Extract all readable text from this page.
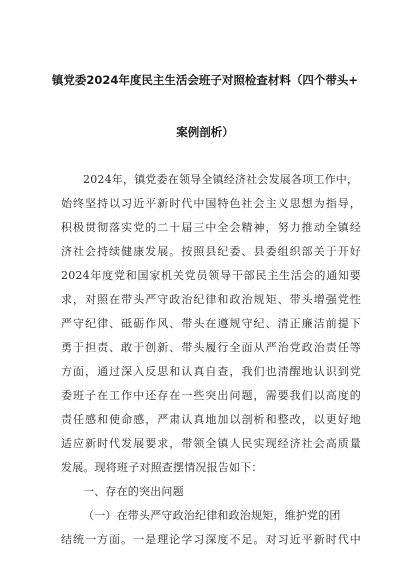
镇党委2024年度民主生活会班子对照检查材料（四个带头+
案例剖析）
2024年，镇党委在领导全镇经济社会发展各项工作中，
始终坚持以习近平新时代中国特色社会主义思想为指导，
积极贯彻落实党的二十届三中全会精神，努力推动全镇经
济社会持续健康发展。按照县纪委、县委组织部关于开好
2024年度党和国家机关党员领导干部民主生活会的通知要
求，对照在带头严守政治纪律和政治规矩、带头增强党性
严守纪律、砥砺作风、带头在遵规守纪、清正廉洁前提下
勇于担责、敢于创新、带头履行全面从严治党政治责任等
方面，通过深入反思和认真自查，我们也清醒地认识到党
委班子在工作中还存在一些突出问题，需要我们以高度的
责任感和使命感，严肃认真地加以剖析和整改，以更好地
适应新时代发展要求，带领全镇人民实现经济社会高质量
发展。现将班子对照查摆情况报告如下：
一、存在的突出问题
（一）在带头严守政治纪律和政治规矩，维护党的团
结统一方面。一是理论学习深度不足。对习近平新时代中
